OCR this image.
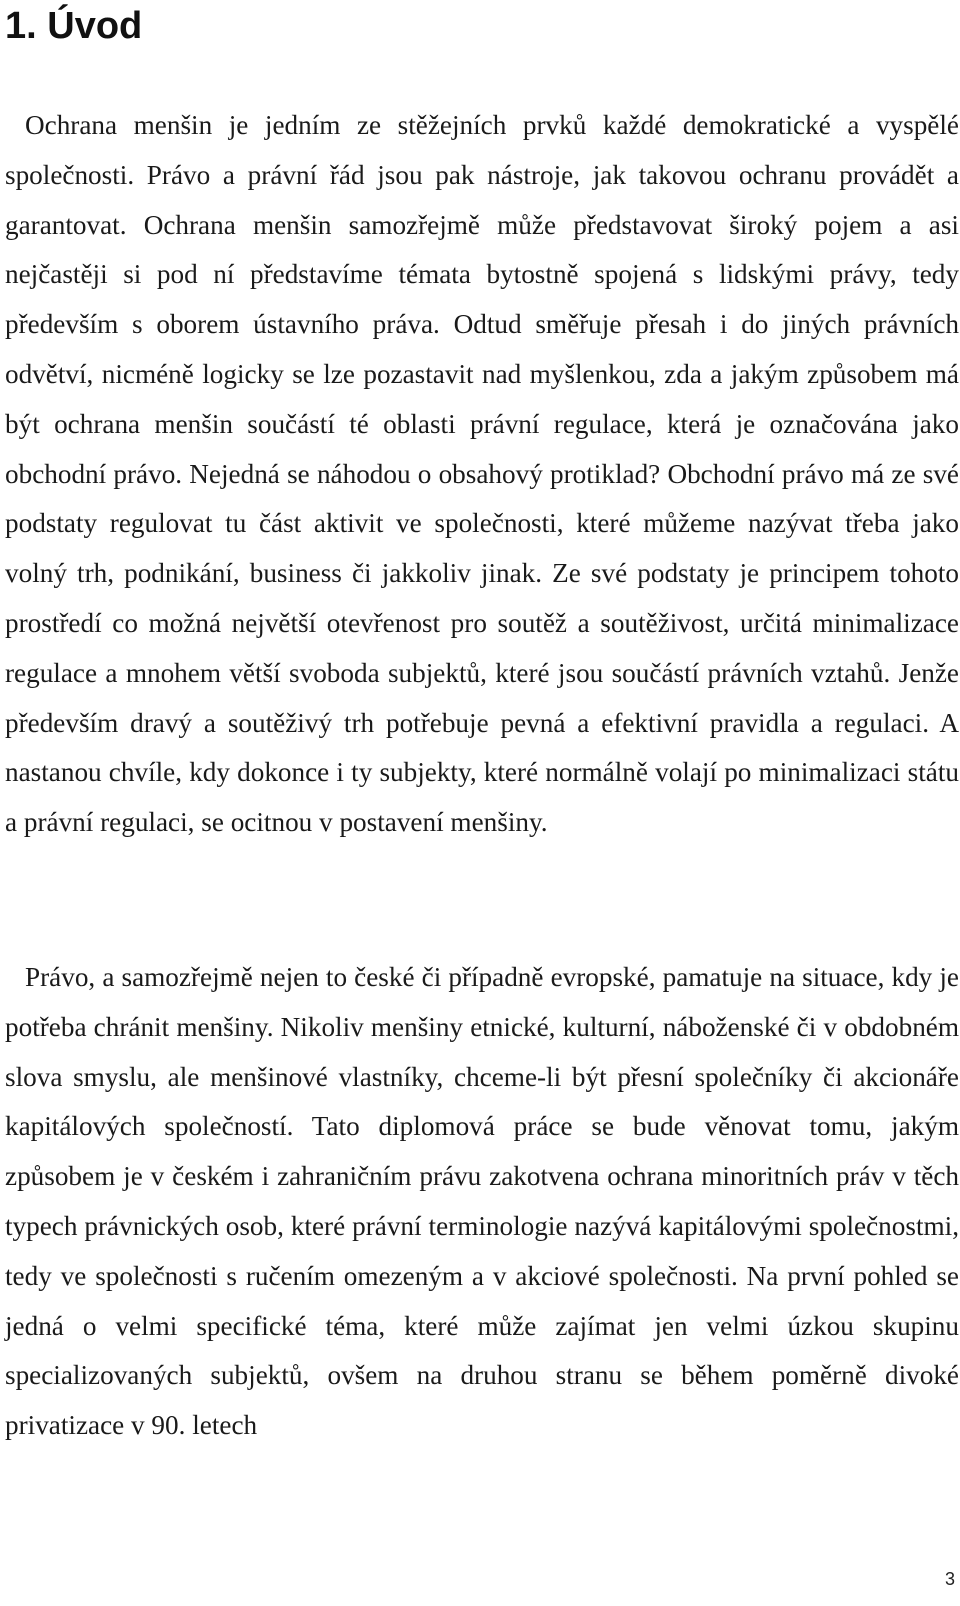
1. Úvod

Ochrana menšin je jedním ze stěžejních prvků každé demokratické a vyspělé společnosti. Právo a právní řád jsou pak nástroje, jak takovou ochranu provádět a garantovat. Ochrana menšin samozřejmě může představovat široký pojem a asi nejčastěji si pod ní představíme témata bytostně spojená s lidskými právy, tedy především s oborem ústavního práva. Odtud směřuje přesah i do jiných právních odvětví, nicméně logicky se lze pozastavit nad myšlenkou, zda a jakým způsobem má být ochrana menšin součástí té oblasti právní regulace, která je označována jako obchodní právo. Nejedná se náhodou o obsahový protiklad? Obchodní právo má ze své podstaty regulovat tu část aktivit ve společnosti, které můžeme nazývat třeba jako volný trh, podnikání, business či jakkoliv jinak. Ze své podstaty je principem tohoto prostředí co možná největší otevřenost pro soutěž a soutěživost, určitá minimalizace regulace a mnohem větší svoboda subjektů, které jsou součástí právních vztahů. Jenže především dravý a soutěživý trh potřebuje pevná a efektivní pravidla a regulaci. A nastanou chvíle, kdy dokonce i ty subjekty, které normálně volají po minimalizaci státu a právní regulaci, se ocitnou v postavení menšiny.

Právo, a samozřejmě nejen to české či případně evropské, pamatuje na situace, kdy je potřeba chránit menšiny. Nikoliv menšiny etnické, kulturní, náboženské či v obdobném slova smyslu, ale menšinové vlastníky, chceme-li být přesní společníky či akcionáře kapitálových společností. Tato diplomová práce se bude věnovat tomu, jakým způsobem je v českém i zahraničním právu zakotvena ochrana minoritních práv v těch typech právnických osob, které právní terminologie nazývá kapitálovými společnostmi, tedy ve společnosti s ručením omezeným a v akciové společnosti. Na první pohled se jedná o velmi specifické téma, které může zajímat jen velmi úzkou skupinu specializovaných subjektů, ovšem na druhou stranu se během poměrně divoké privatizace v 90. letech

3
